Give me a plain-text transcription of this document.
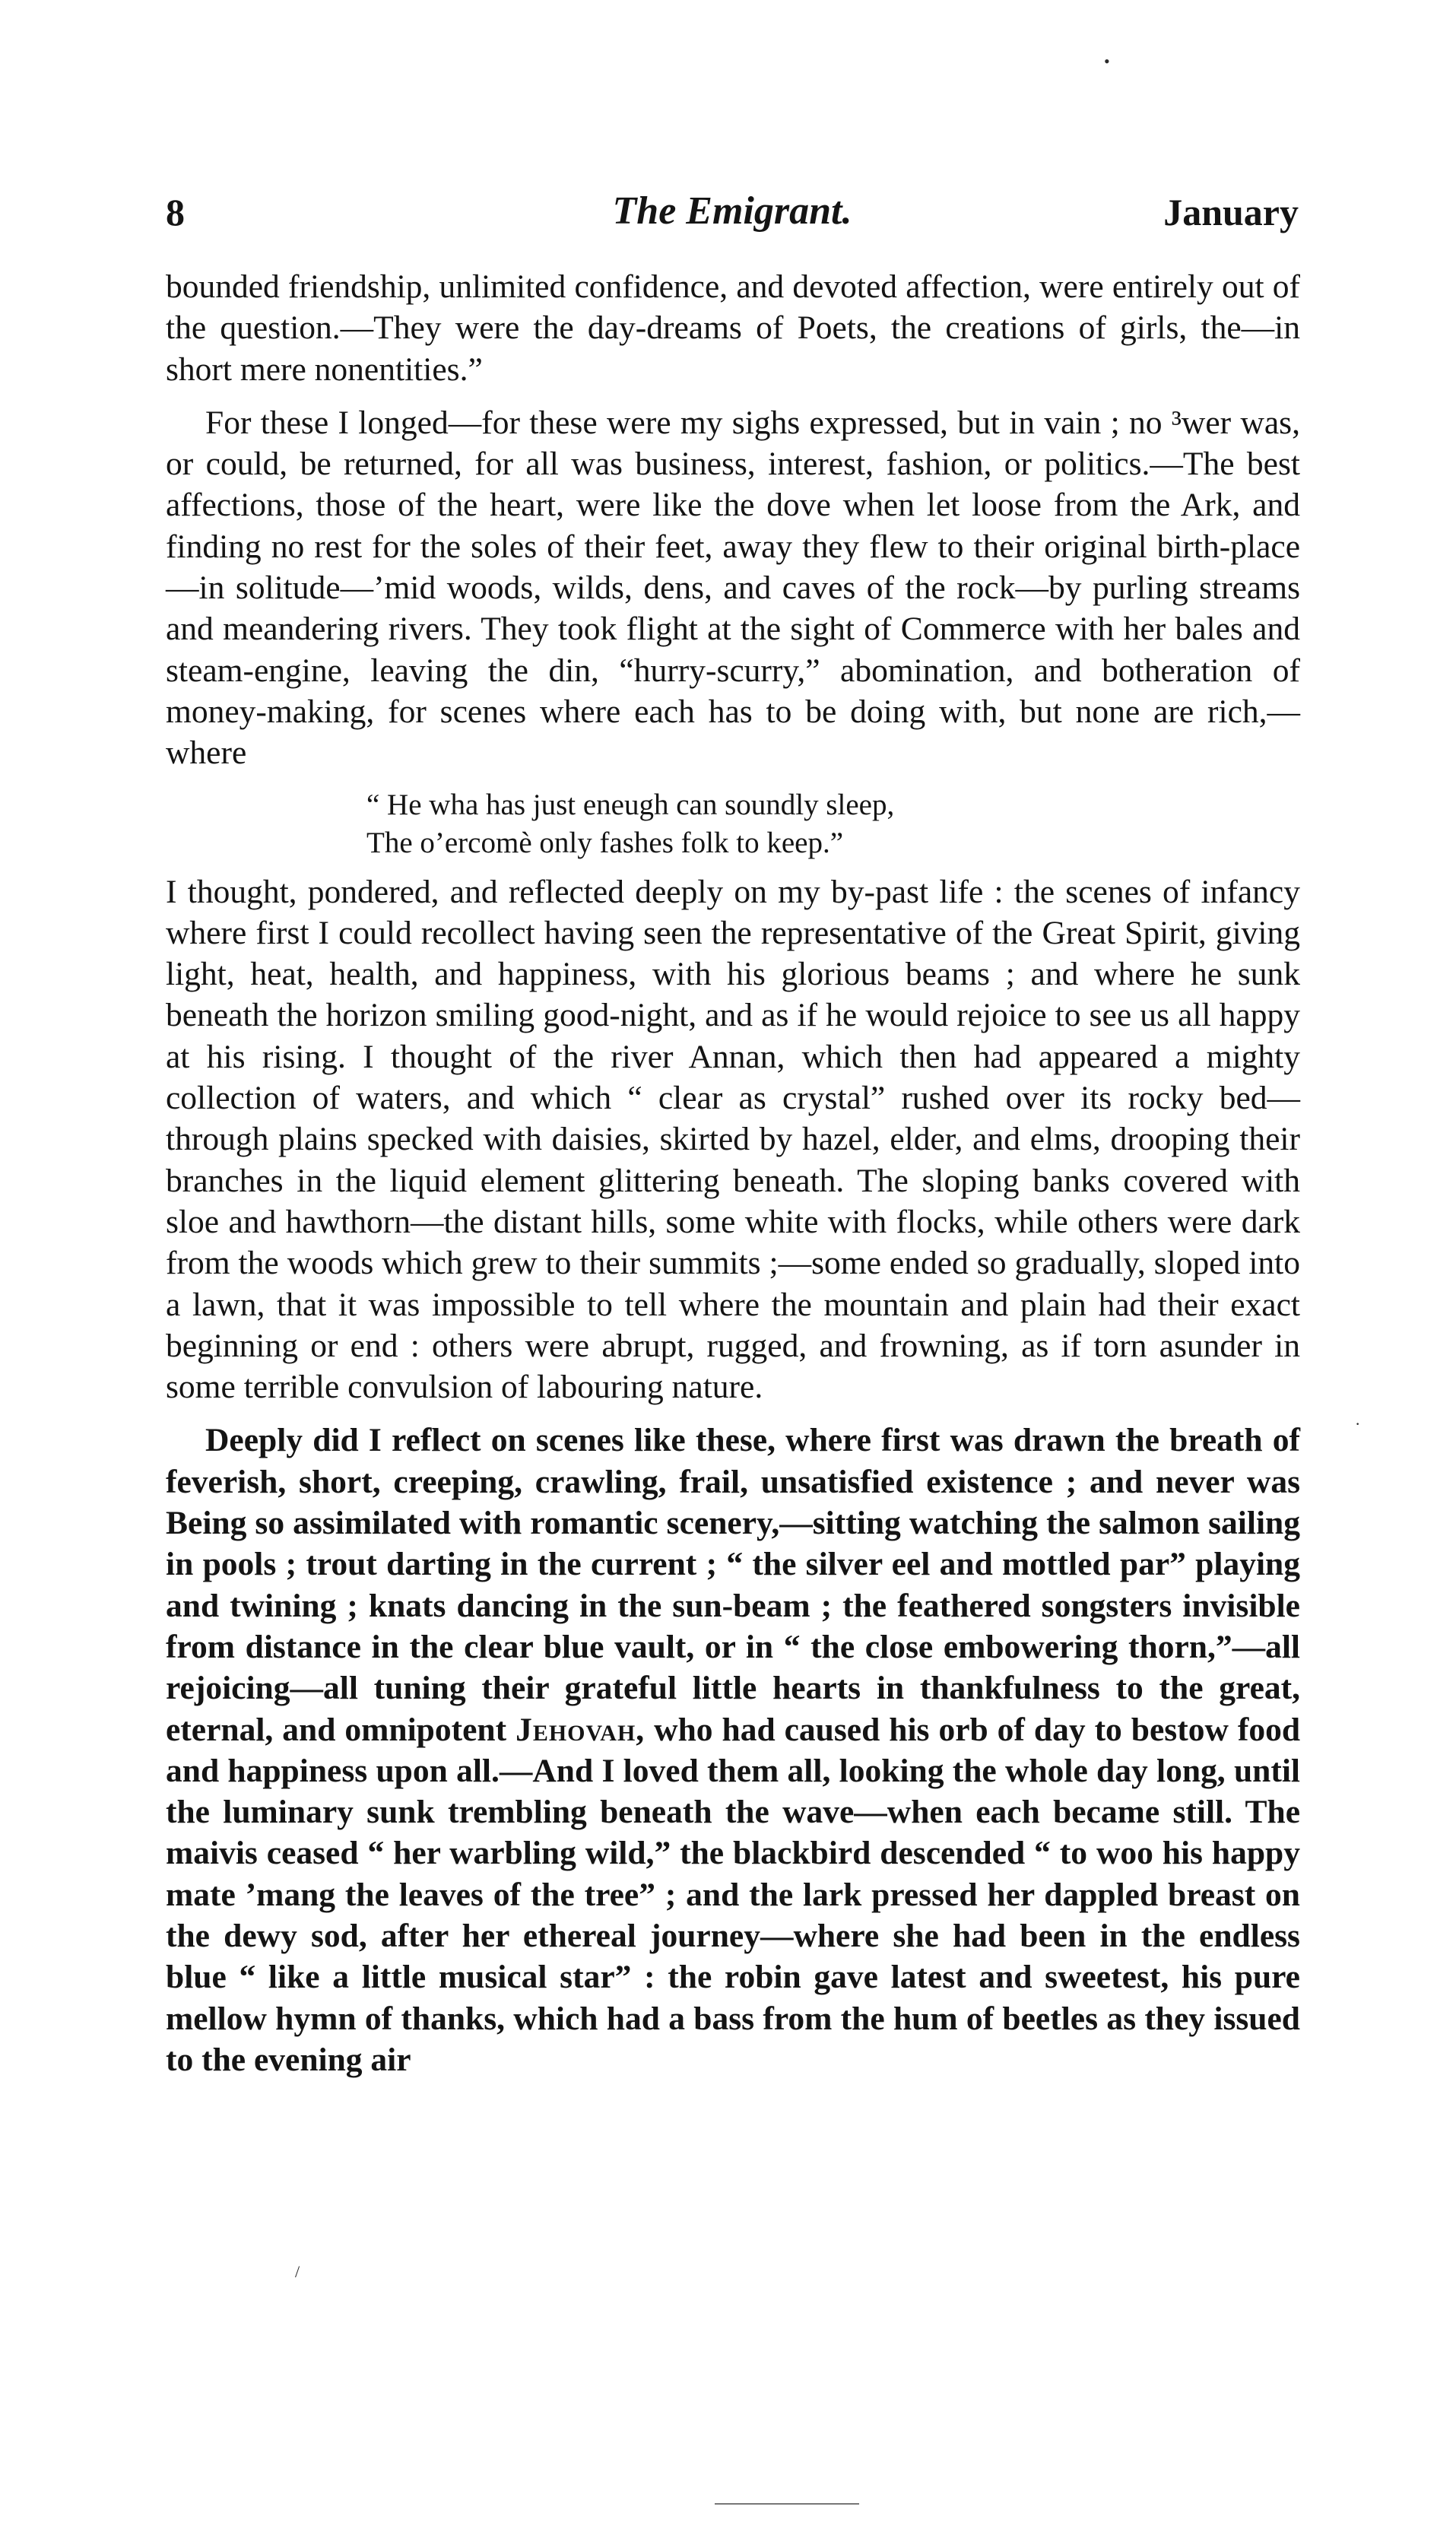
•
·
/
8	The Emigrant.	January

bounded friendship, unlimited confidence, and devoted affection, were entirely out of the question.—They were the day-dreams of Poets, the creations of girls, the—in short mere nonentities.”

For these I longed—for these were my sighs expressed, but in vain ; no ³wer was, or could, be returned, for all was business, interest, fashion, or politics.—The best affections, those of the heart, were like the dove when let loose from the Ark, and finding no rest for the soles of their feet, away they flew to their original birth-place—in solitude—’mid woods, wilds, dens, and caves of the rock—by purling streams and meandering rivers. They took flight at the sight of Commerce with her bales and steam-engine, leaving the din, “hurry-scurry,” abomination, and botheration of money-making, for scenes where each has to be doing with, but none are rich,—where

“ He wha has just eneugh can soundly sleep,
The o’ercomè only fashes folk to keep.”

I thought, pondered, and reflected deeply on my by-past life : the scenes of infancy where first I could recollect having seen the representative of the Great Spirit, giving light, heat, health, and happiness, with his glorious beams ; and where he sunk beneath the horizon smiling good-night, and as if he would rejoice to see us all happy at his rising. I thought of the river Annan, which then had appeared a mighty collection of waters, and which “ clear as crystal” rushed over its rocky bed—through plains specked with daisies, skirted by hazel, elder, and elms, drooping their branches in the liquid element glittering beneath. The sloping banks covered with sloe and hawthorn—the distant hills, some white with flocks, while others were dark from the woods which grew to their summits ;—some ended so gradually, sloped into a lawn, that it was impossible to tell where the mountain and plain had their exact beginning or end : others were abrupt, rugged, and frowning, as if torn asunder in some terrible convulsion of labouring nature.

Deeply did I reflect on scenes like these, where first was drawn the breath of feverish, short, creeping, crawling, frail, unsatisfied existence ; and never was Being so assimilated with romantic scenery,—sitting watching the salmon sailing in pools ; trout darting in the current ; “ the silver eel and mottled par” playing and twining ; knats dancing in the sun-beam ; the feathered songsters invisible from distance in the clear blue vault, or in “ the close embowering thorn,”—all rejoicing—all tuning their grateful little hearts in thankfulness to the great, eternal, and omnipotent Jehovah, who had caused his orb of day to bestow food and happiness upon all.—And I loved them all, looking the whole day long, until the luminary sunk trembling beneath the wave—when each became still. The maivis ceased “ her warbling wild,” the blackbird descended “ to woo his happy mate ’mang the leaves of the tree” ; and the lark pressed her dappled breast on the dewy sod, after her ethereal journey—where she had been in the endless blue “ like a little musical star” : the robin gave latest and sweetest, his pure mellow hymn of thanks, which had a bass from the hum of beetles as they issued to the evening air
